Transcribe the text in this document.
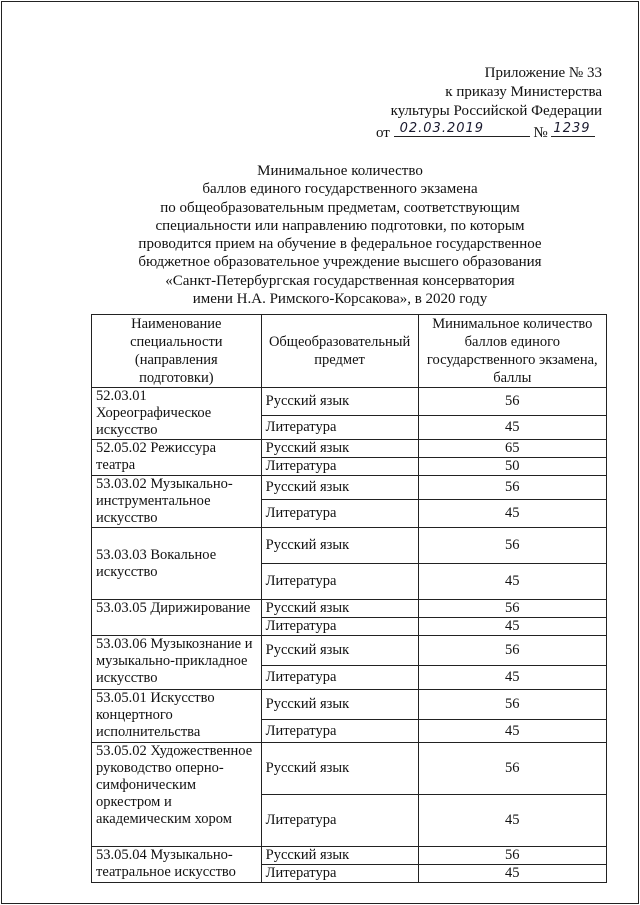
Приложение № 33
к приказу Министерства
культуры Российской Федерации
от 02.03.2019	№ 1239
Минимальное количество
баллов единого государственного экзамена
по общеобразовательным предметам, соответствующим
специальности или направлению подготовки, по которым
проводится прием на обучение в федеральное государственное
бюджетное образовательное учреждение высшего образования
«Санкт-Петербургская государственная консерватория
имени Н.А. Римского-Корсакова», в 2020 году
Наименование специальности (направления подготовки)	Общеобразовательный предмет	Минимальное количество баллов единого государственного экзамена, баллы
52.03.01 Хореографическое искусство	Русский язык	56
	Литература	45
52.05.02 Режиссура театра	Русский язык	65
	Литература	50
53.03.02 Музыкально-инструментальное искусство	Русский язык	56
	Литература	45
53.03.03 Вокальное искусство	Русский язык	56
	Литература	45
53.03.05 Дирижирование	Русский язык	56
	Литература	45
53.03.06 Музыкознание и музыкально-прикладное искусство	Русский язык	56
	Литература	45
53.05.01 Искусство концертного исполнительства	Русский язык	56
	Литература	45
53.05.02 Художественное руководство оперно-симфоническим оркестром и академическим хором	Русский язык	56
	Литература	45
53.05.04 Музыкально-театральное искусство	Русский язык	56
	Литература	45
